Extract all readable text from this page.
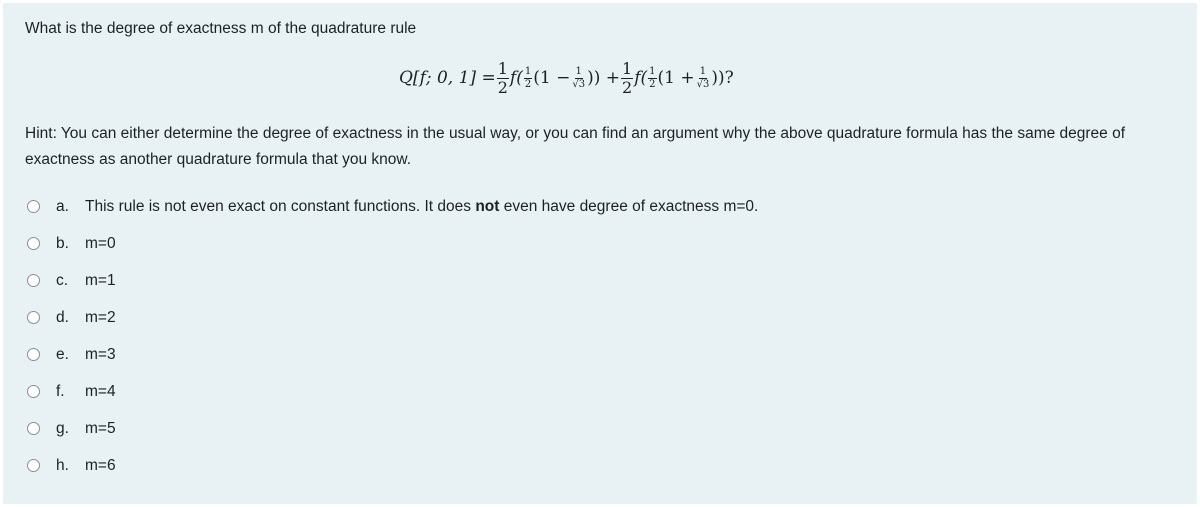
What is the degree of exactness m of the quadrature rule
Q[f; 0, $1] = \frac{1}{2} f( \frac{1}{2} (1 - \frac{1}{√3}$ )) + $\frac{1}{2} f( \frac{1}{2} (1 + \frac{1}{√3}$ ))?
Hint: You can either determine the degree of exactness in the usual way, or you can find an argument why the above quadrature formula has the same degree of exactness as another quadrature formula that you know.
a. This rule is not even exact on constant functions. It does not even have degree of exactness m=0.
b. m=0
c. m=1
d. m=2
e. m=3
f. m=4
g. m=5
h. m=6
